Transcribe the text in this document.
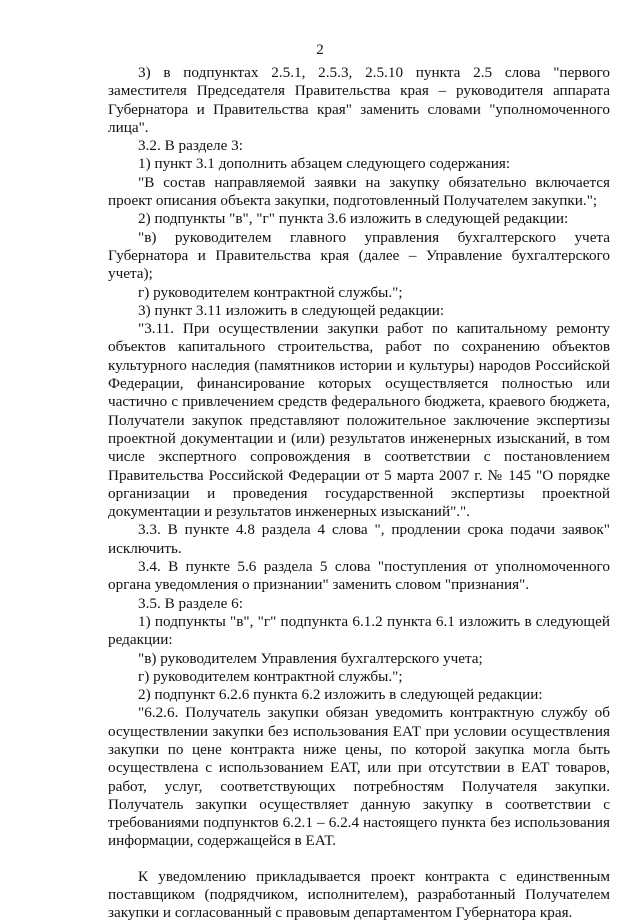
2

3) в подпунктах 2.5.1, 2.5.3, 2.5.10 пункта 2.5 слова "первого заместителя Председателя Правительства края – руководителя аппарата Губернатора и Правительства края" заменить словами "уполномоченного лица".

3.2. В разделе 3:

1) пункт 3.1 дополнить абзацем следующего содержания:

"В состав направляемой заявки на закупку обязательно включается проект описания объекта закупки, подготовленный Получателем закупки.";

2) подпункты "в", "г" пункта 3.6 изложить в следующей редакции:

"в) руководителем главного управления бухгалтерского учета Губернатора и Правительства края (далее – Управление бухгалтерского учета);

г) руководителем контрактной службы.";

3) пункт 3.11 изложить в следующей редакции:

"3.11. При осуществлении закупки работ по капитальному ремонту объектов капитального строительства, работ по сохранению объектов культурного наследия (памятников истории и культуры) народов Российской Федерации, финансирование которых осуществляется полностью или частично с привлечением средств федерального бюджета, краевого бюджета, Получатели закупок представляют положительное заключение экспертизы проектной документации и (или) результатов инженерных изысканий, в том числе экспертного сопровождения в соответствии с постановлением Правительства Российской Федерации от 5 марта 2007 г. № 145 "О порядке организации и проведения государственной экспертизы проектной документации и результатов инженерных изысканий".".

3.3. В пункте 4.8 раздела 4 слова ", продлении срока подачи заявок" исключить.

3.4. В пункте 5.6 раздела 5 слова "поступления от уполномоченного органа уведомления о признании" заменить словом "признания".

3.5. В разделе 6:

1) подпункты "в", "г" подпункта 6.1.2 пункта 6.1 изложить в следующей редакции:

"в) руководителем Управления бухгалтерского учета;

г) руководителем контрактной службы.";

2) подпункт 6.2.6 пункта 6.2 изложить в следующей редакции:

"6.2.6. Получатель закупки обязан уведомить контрактную службу об осуществлении закупки без использования ЕАТ при условии осуществления закупки по цене контракта ниже цены, по которой закупка могла быть осуществлена с использованием ЕАТ, или при отсутствии в ЕАТ товаров, работ, услуг, соответствующих потребностям Получателя закупки. Получатель закупки осуществляет данную закупку в соответствии с требованиями подпунктов 6.2.1 – 6.2.4 настоящего пункта без использования информации, содержащейся в ЕАТ.

К уведомлению прикладывается проект контракта с единственным поставщиком (подрядчиком, исполнителем), разработанный Получателем закупки и согласованный с правовым департаментом Губернатора края.
